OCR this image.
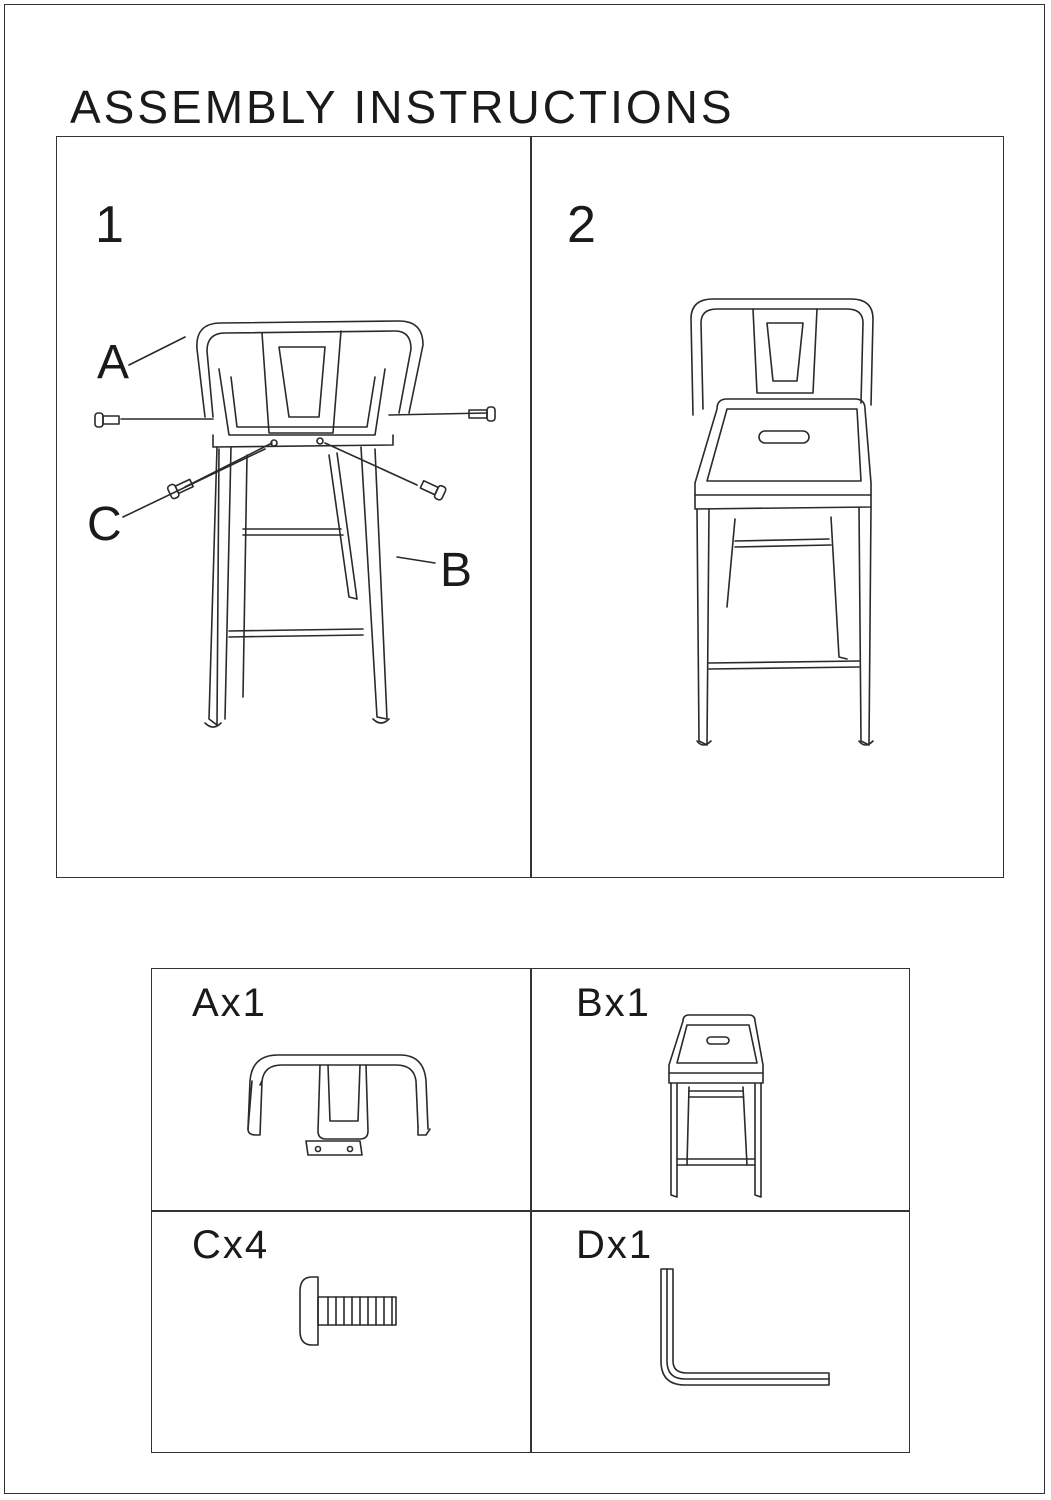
ASSEMBLY INSTRUCTIONS
1
A
C
B
2
Ax1	Bx1
Cx4	Dx1
